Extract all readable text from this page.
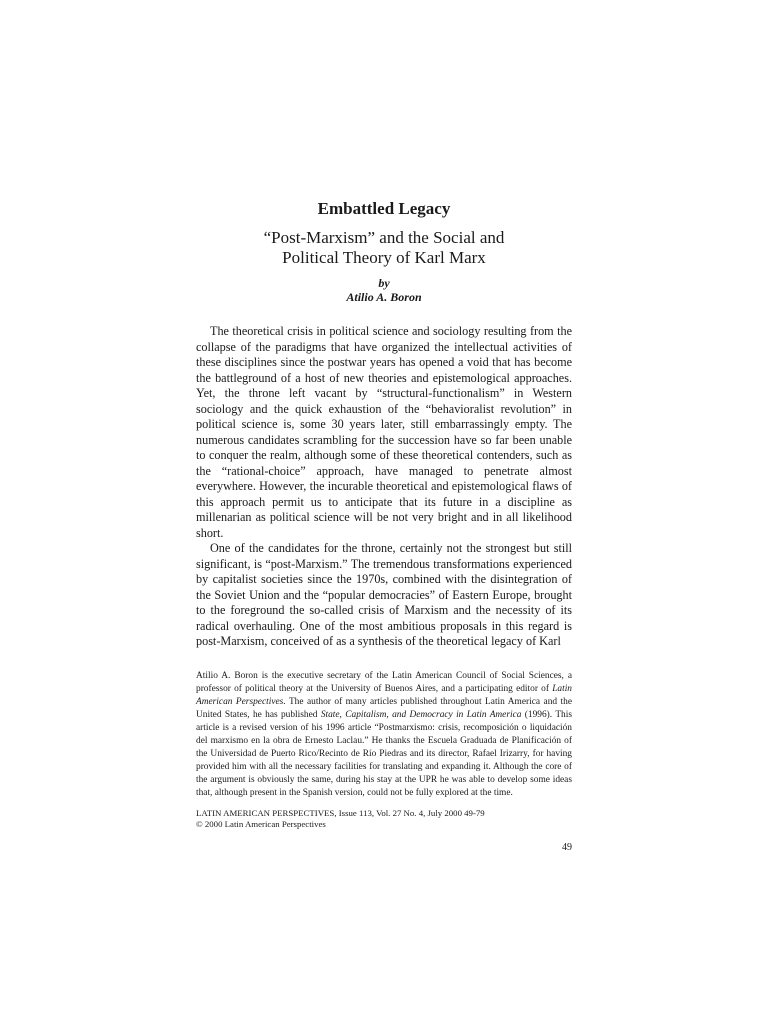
Embattled Legacy
“Post-Marxism” and the Social and
Political Theory of Karl Marx
by
Atilio A. Boron

The theoretical crisis in political science and sociology resulting from the collapse of the paradigms that have organized the intellectual activities of these disciplines since the postwar years has opened a void that has become the battleground of a host of new theories and epistemological approaches. Yet, the throne left vacant by “structural-functionalism” in Western sociology and the quick exhaustion of the “behavioralist revolution” in political science is, some 30 years later, still embarrassingly empty. The numerous candidates scrambling for the succession have so far been unable to conquer the realm, although some of these theoretical contenders, such as the “rational-choice” approach, have managed to penetrate almost everywhere. However, the incurable theoretical and epistemological flaws of this approach permit us to anticipate that its future in a discipline as millenarian as political science will be not very bright and in all likelihood short.

One of the candidates for the throne, certainly not the strongest but still significant, is “post-Marxism.” The tremendous transformations experienced by capitalist societies since the 1970s, combined with the disintegration of the Soviet Union and the “popular democracies” of Eastern Europe, brought to the foreground the so-called crisis of Marxism and the necessity of its radical overhauling. One of the most ambitious proposals in this regard is post-Marxism, conceived of as a synthesis of the theoretical legacy of Karl

Atilio A. Boron is the executive secretary of the Latin American Council of Social Sciences, a professor of political theory at the University of Buenos Aires, and a participating editor of Latin American Perspectives. The author of many articles published throughout Latin America and the United States, he has published State, Capitalism, and Democracy in Latin America (1996). This article is a revised version of his 1996 article “Postmarxismo: crisis, recomposición o liquidación del marxismo en la obra de Ernesto Laclau.” He thanks the Escuela Graduada de Planificación of the Universidad de Puerto Rico/Recinto de Río Piedras and its director, Rafael Irizarry, for having provided him with all the necessary facilities for translating and expanding it. Although the core of the argument is obviously the same, during his stay at the UPR he was able to develop some ideas that, although present in the Spanish version, could not be fully explored at the time.

LATIN AMERICAN PERSPECTIVES, Issue 113, Vol. 27 No. 4, July 2000 49-79
© 2000 Latin American Perspectives
49
